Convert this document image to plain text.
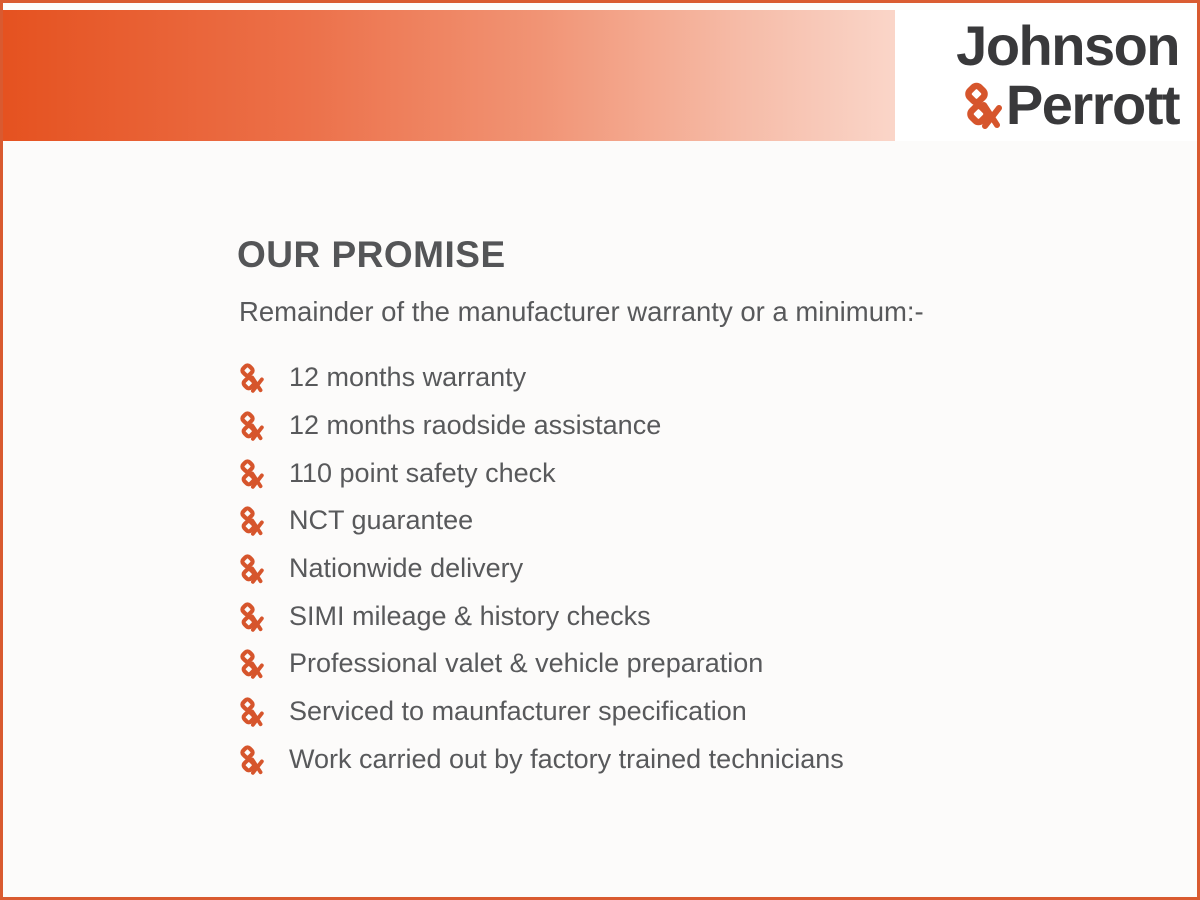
Johnson
Perrott
OUR PROMISE

Remainder of the manufacturer warranty or a minimum:-

12 months warranty
12 months raodside assistance
110 point safety check
NCT guarantee
Nationwide delivery
SIMI mileage & history checks
Professional valet & vehicle preparation
Serviced to maunfacturer specification
Work carried out by factory trained technicians
